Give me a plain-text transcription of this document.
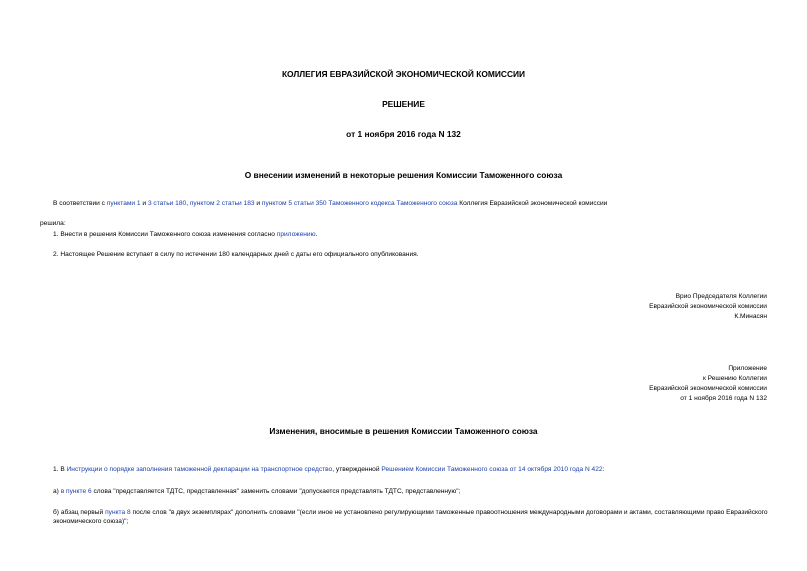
КОЛЛЕГИЯ ЕВРАЗИЙСКОЙ ЭКОНОМИЧЕСКОЙ КОМИССИИ
РЕШЕНИЕ
от 1 ноября 2016 года N 132
О внесении изменений в некоторые решения Комиссии Таможенного союза
В соответствии с пунктами 1 и 3 статьи 180, пунктом 2 статьи 183 и пунктом 5 статьи 350 Таможенного кодекса Таможенного союза Коллегия Евразийской экономической комиссии
решила:
1. Внести в решения Комиссии Таможенного союза изменения согласно приложению.
2. Настоящее Решение вступает в силу по истечении 180 календарных дней с даты его официального опубликования.
Врио Председателя Коллегии
Евразийской экономической комиссии
К.Минасян
Приложение
к Решению Коллегии
Евразийской экономической комиссии
от 1 ноября 2016 года N 132
Изменения, вносимые в решения Комиссии Таможенного союза
1. В Инструкции о порядке заполнения таможенной декларации на транспортное средство, утвержденной Решением Комиссии Таможенного союза от 14 октября 2010 года N 422:
а) в пункте 6 слова "представляется ТДТС, представленная" заменить словами "допускается представлять ТДТС, представленную";
б) абзац первый пункта 8 после слов "в двух экземплярах" дополнить словами "(если иное не установлено регулирующими таможенные правоотношения международными договорами и актами, составляющими право Евразийского экономического союза)";
